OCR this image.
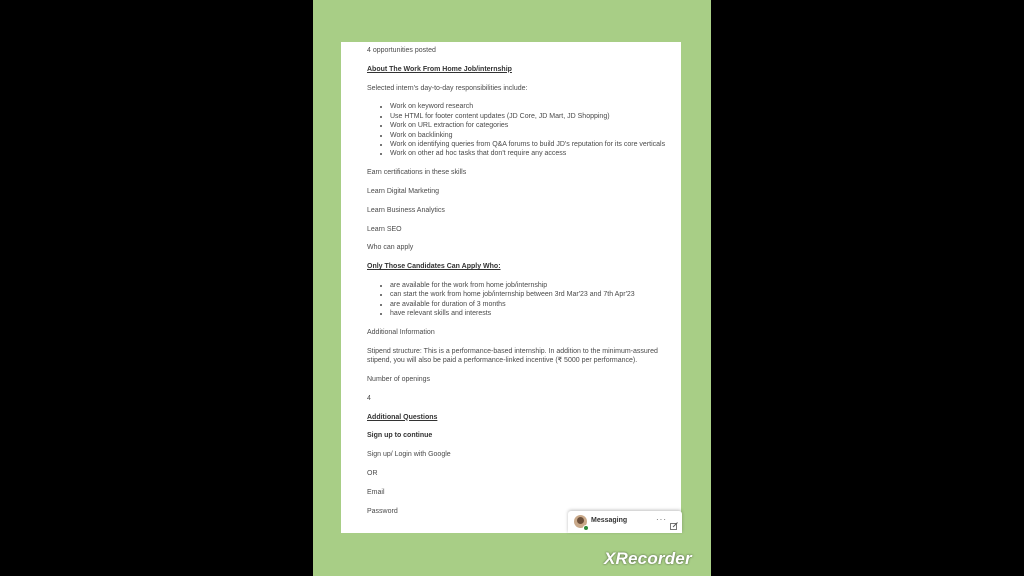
4 opportunities posted
About The Work From Home Job/internship
Selected intern's day-to-day responsibilities include:
• Work on keyword research
• Use HTML for footer content updates (JD Core, JD Mart, JD Shopping)
• Work on URL extraction for categories
• Work on backlinking
• Work on identifying queries from Q&A forums to build JD's reputation for its core verticals
• Work on other ad hoc tasks that don't require any access
Earn certifications in these skills
Learn Digital Marketing
Learn Business Analytics
Learn SEO
Who can apply
Only Those Candidates Can Apply Who:
• are available for the work from home job/internship
• can start the work from home job/internship between 3rd Mar'23 and 7th Apr'23
• are available for duration of 3 months
• have relevant skills and interests
Additional Information
Stipend structure: This is a performance-based internship. In addition to the minimum-assured stipend, you will also be paid a performance-linked incentive (₹ 5000 per performance).
Number of openings
4
Additional Questions
Sign up to continue
Sign up/ Login with Google
OR
Email
Password
Messaging	···
XRecorder
